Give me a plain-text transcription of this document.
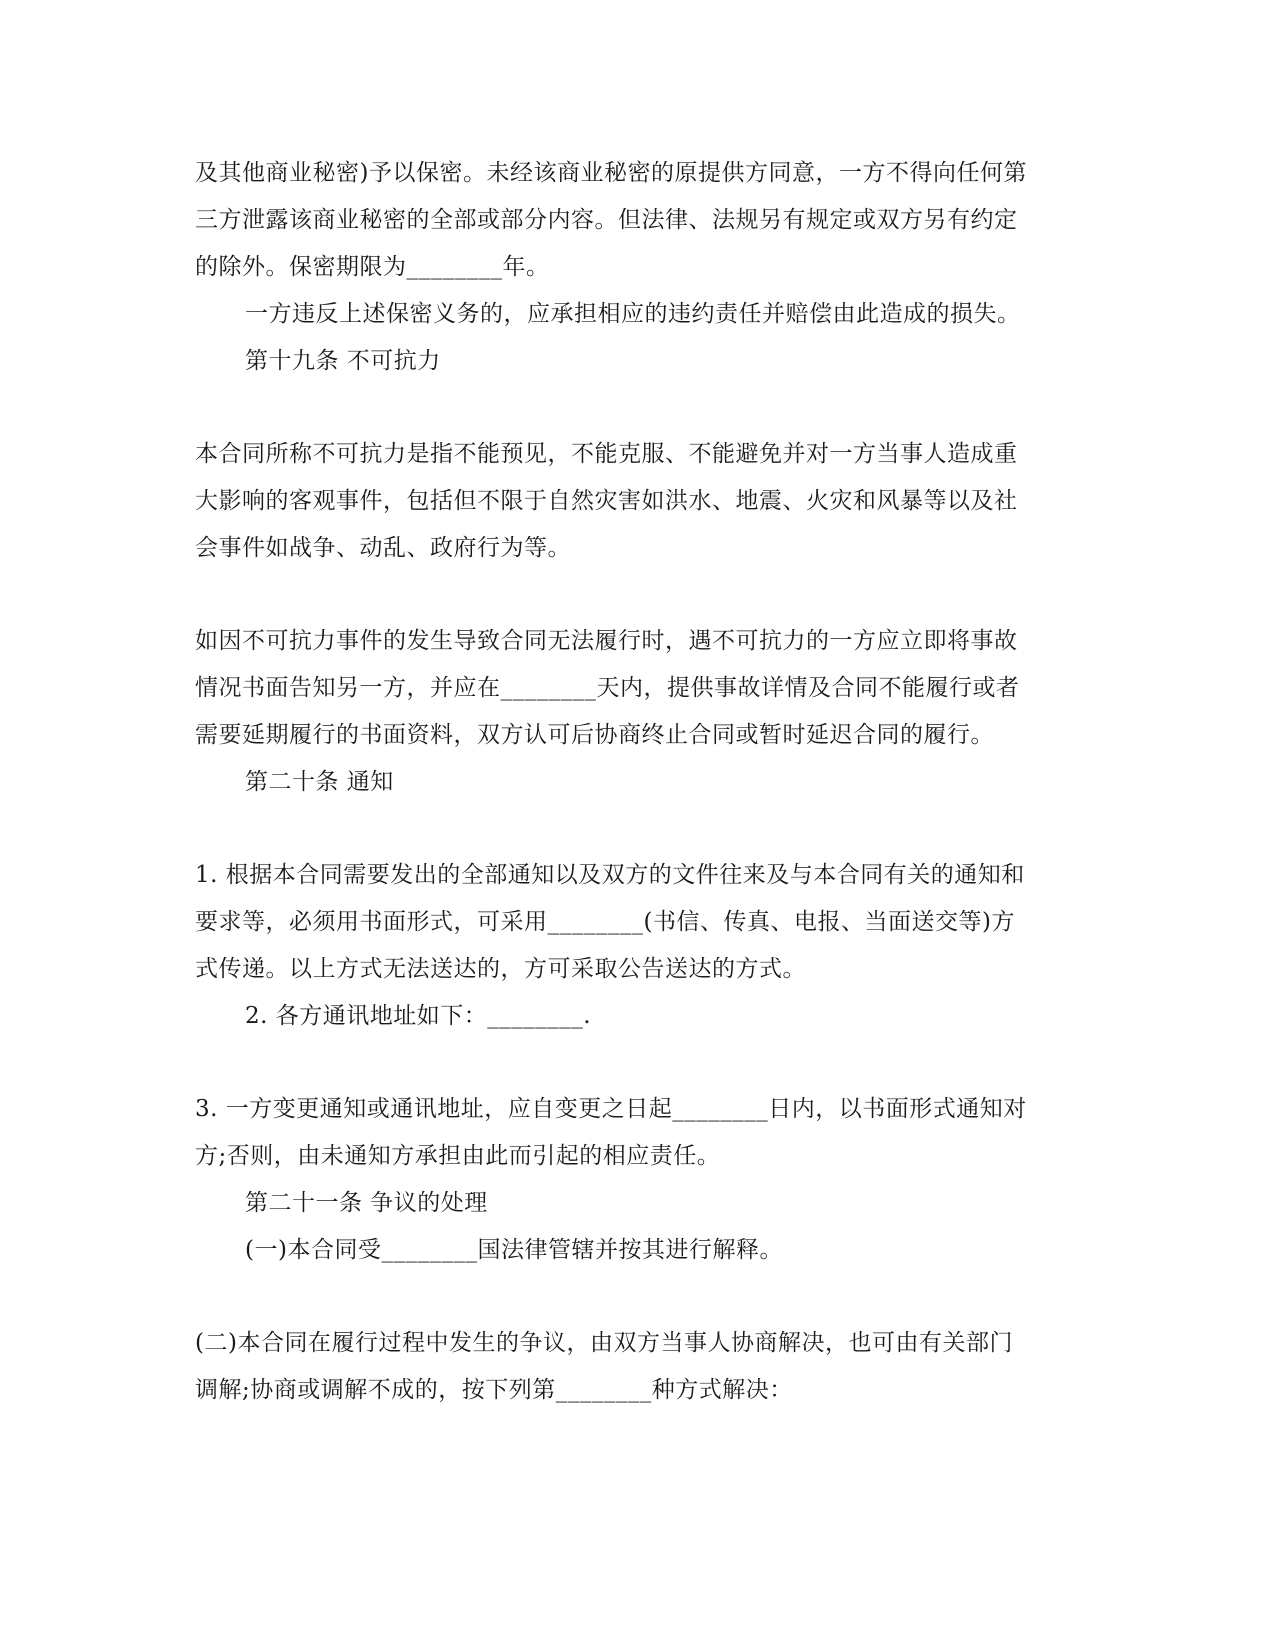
及其他商业秘密)予以保密。未经该商业秘密的原提供方同意，一方不得向任何第
三方泄露该商业秘密的全部或部分内容。但法律、法规另有规定或双方另有约定
的除外。保密期限为________年。
一方违反上述保密义务的，应承担相应的违约责任并赔偿由此造成的损失。
第十九条 不可抗力
本合同所称不可抗力是指不能预见，不能克服、不能避免并对一方当事人造成重
大影响的客观事件，包括但不限于自然灾害如洪水、地震、火灾和风暴等以及社
会事件如战争、动乱、政府行为等。
如因不可抗力事件的发生导致合同无法履行时，遇不可抗力的一方应立即将事故
情况书面告知另一方，并应在________天内，提供事故详情及合同不能履行或者
需要延期履行的书面资料，双方认可后协商终止合同或暂时延迟合同的履行。
第二十条 通知
1. 根据本合同需要发出的全部通知以及双方的文件往来及与本合同有关的通知和
要求等，必须用书面形式，可采用________(书信、传真、电报、当面送交等)方
式传递。以上方式无法送达的，方可采取公告送达的方式。
2. 各方通讯地址如下：________.
3. 一方变更通知或通讯地址，应自变更之日起________日内，以书面形式通知对
方;否则，由未通知方承担由此而引起的相应责任。
第二十一条 争议的处理
(一)本合同受________国法律管辖并按其进行解释。
(二)本合同在履行过程中发生的争议，由双方当事人协商解决，也可由有关部门
调解;协商或调解不成的，按下列第________种方式解决：
